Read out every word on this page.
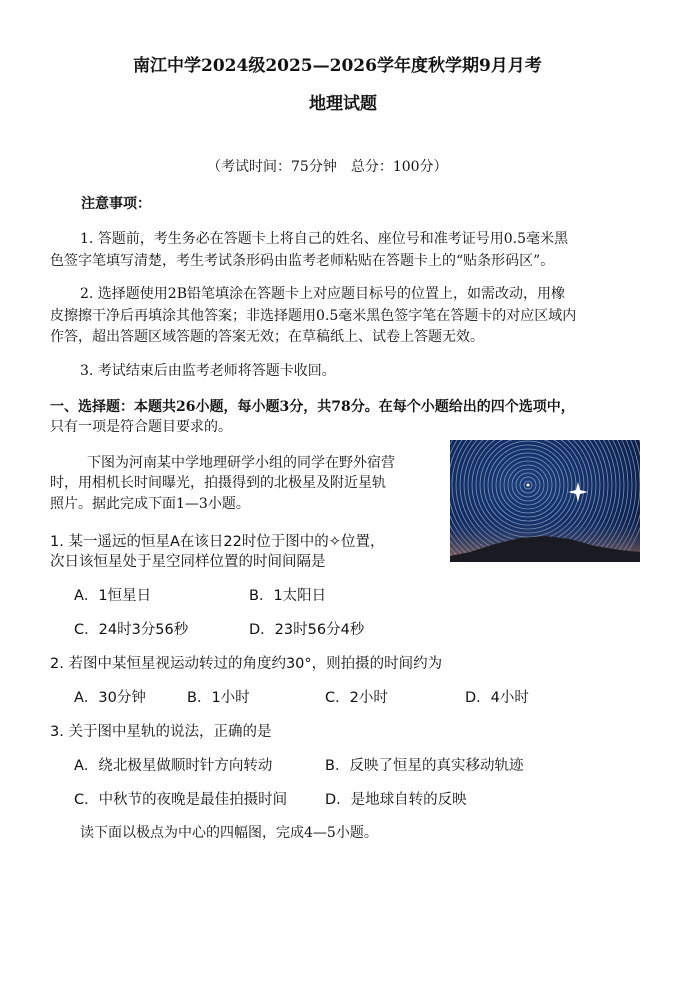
南江中学2024级2025—2026学年度秋学期9月月考
地理试题
（考试时间：75分钟　总分：100分）
注意事项：
1. 答题前，考生务必在答题卡上将自己的姓名、座位号和准考证号用0.5毫米黑
色签字笔填写清楚，考生考试条形码由监考老师粘贴在答题卡上的“贴条形码区”。
2. 选择题使用2B铅笔填涂在答题卡上对应题目标号的位置上，如需改动，用橡
皮擦擦干净后再填涂其他答案；非选择题用0.5毫米黑色签字笔在答题卡的对应区域内
作答，超出答题区域答题的答案无效；在草稿纸上、试卷上答题无效。
3. 考试结束后由监考老师将答题卡收回。
一、选择题：本题共26小题，每小题3分，共78分。在每个小题给出的四个选项中，
只有一项是符合题目要求的。
下图为河南某中学地理研学小组的同学在野外宿营
时，用相机长时间曝光，拍摄得到的北极星及附近星轨
照片。据此完成下面1—3小题。
1. 某一遥远的恒星A在该日22时位于图中的✧位置，
次日该恒星处于星空同样位置的时间间隔是
A．1恒星日	B．1太阳日
C．24时3分56秒	D．23时56分4秒
2. 若图中某恒星视运动转过的角度约30°，则拍摄的时间约为
A．30分钟	B．1小时	C．2小时	D．4小时
3. 关于图中星轨的说法，正确的是
A．绕北极星做顺时针方向转动	B．反映了恒星的真实移动轨迹
C．中秋节的夜晚是最佳拍摄时间	D．是地球自转的反映
读下面以极点为中心的四幅图，完成4—5小题。
